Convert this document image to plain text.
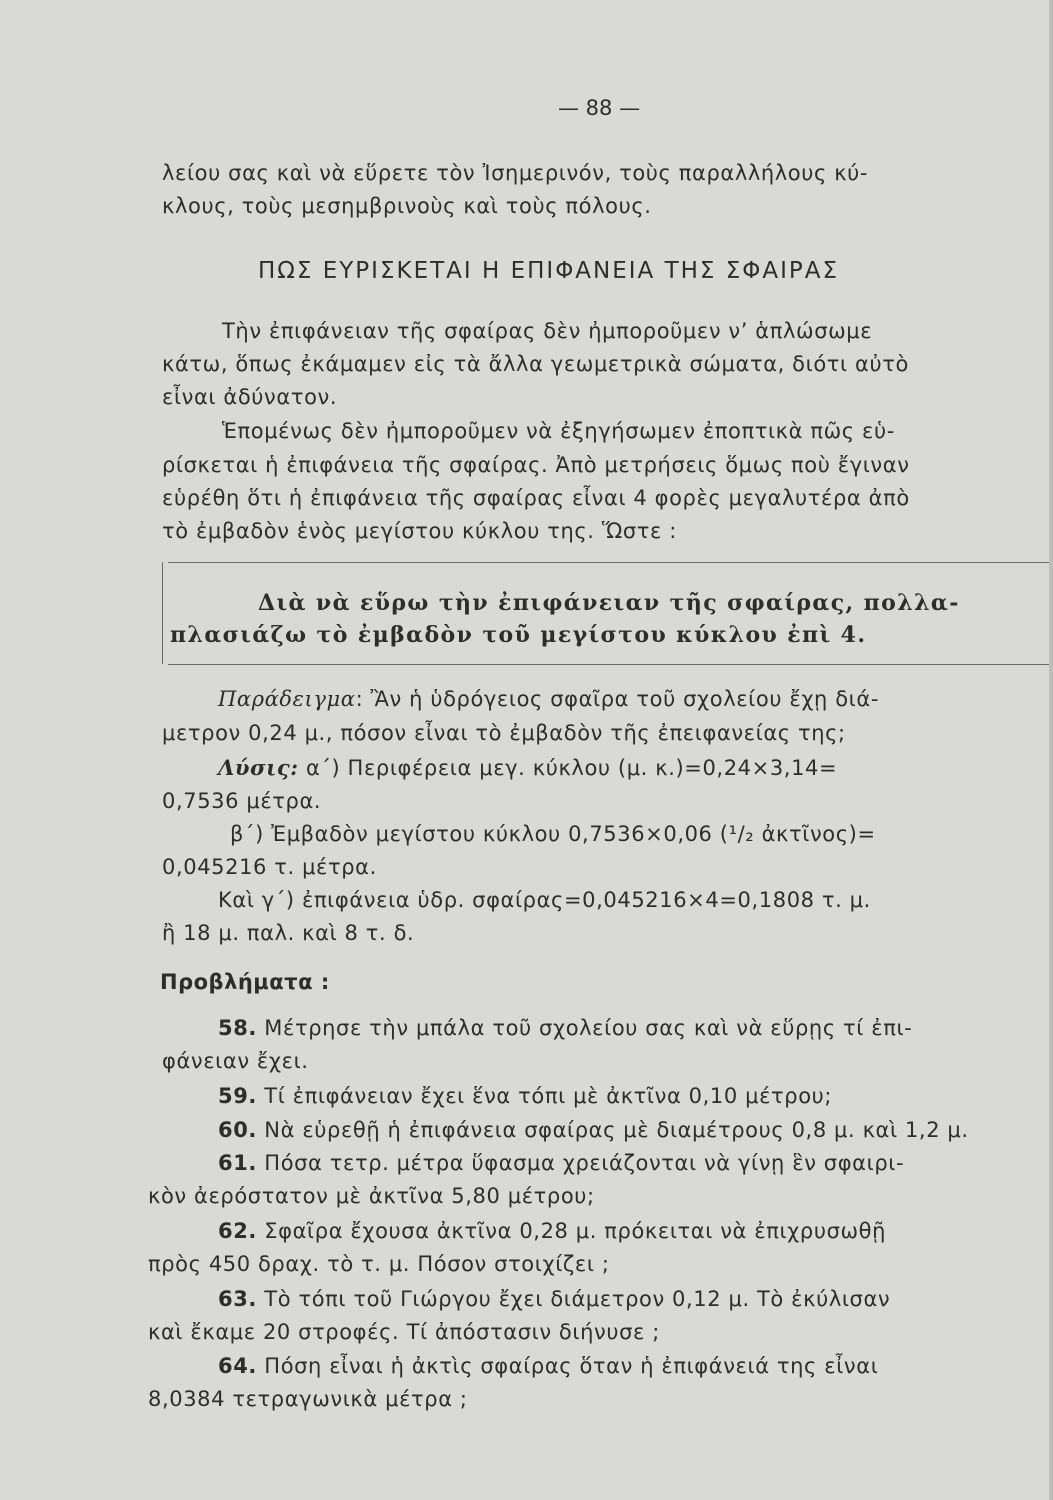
— 88 —
λείου σας καὶ νὰ εὕρετε τὸν Ἰσημερινόν, τοὺς παραλλήλους κύ-
κλους, τοὺς μεσημβρινοὺς καὶ τοὺς πόλους.
ΠΩΣ ΕΥΡΙΣΚΕΤΑΙ Η ΕΠΙΦΑΝΕΙΑ ΤΗΣ ΣΦΑΙΡΑΣ
Τὴν ἐπιφάνειαν τῆς σφαίρας δὲν ἠμποροῦμεν ν’ ἁπλώσωμε
κάτω, ὅπως ἐκάμαμεν εἰς τὰ ἄλλα γεωμετρικὰ σώματα, διότι αὐτὸ
εἶναι ἀδύνατον.
Ἑπομένως δὲν ἠμποροῦμεν νὰ ἐξηγήσωμεν ἐποπτικὰ πῶς εὑ-
ρίσκεται ἡ ἐπιφάνεια τῆς σφαίρας. Ἀπὸ μετρήσεις ὅμως ποὺ ἔγιναν
εὑρέθη ὅτι ἡ ἐπιφάνεια τῆς σφαίρας εἶναι 4 φορὲς μεγαλυτέρα ἀπὸ
τὸ ἐμβαδὸν ἑνὸς μεγίστου κύκλου της. Ὥστε :
Διὰ νὰ εὕρω τὴν ἐπιφάνειαν τῆς σφαίρας, πολλα-
πλασιάζω τὸ ἐμβαδὸν τοῦ μεγίστου κύκλου ἐπὶ 4.
Παράδειγμα: Ἂν ἡ ὑδρόγειος σφαῖρα τοῦ σχολείου ἔχῃ διά-
μετρον 0,24 μ., πόσον εἶναι τὸ ἐμβαδὸν τῆς ἐπειφανείας της;
Λύσις: α΄) Περιφέρεια μεγ. κύκλου (μ. κ.)=0,24×3,14=
0,7536 μέτρα.
β΄) Ἐμβαδὸν μεγίστου κύκλου 0,7536×0,06 (¹/₂ ἀκτῖνος)=
0,045216 τ. μέτρα.
Καὶ γ΄) ἐπιφάνεια ὑδρ. σφαίρας=0,045216×4=0,1808 τ. μ.
ἢ 18 μ. παλ. καὶ 8 τ. δ.
Προβλήματα :
58. Μέτρησε τὴν μπάλα τοῦ σχολείου σας καὶ νὰ εὕρῃς τί ἐπι-
φάνειαν ἔχει.
59. Τί ἐπιφάνειαν ἔχει ἕνα τόπι μὲ ἀκτῖνα 0,10 μέτρου;
60. Νὰ εὑρεθῇ ἡ ἐπιφάνεια σφαίρας μὲ διαμέτρους 0,8 μ. καὶ 1,2 μ.
61. Πόσα τετρ. μέτρα ὕφασμα χρειάζονται νὰ γίνῃ ἓν σφαιρι-
κὸν ἀερόστατον μὲ ἀκτῖνα 5,80 μέτρου;
62. Σφαῖρα ἔχουσα ἀκτῖνα 0,28 μ. πρόκειται νὰ ἐπιχρυσωθῇ
πρὸς 450 δραχ. τὸ τ. μ. Πόσον στοιχίζει ;
63. Τὸ τόπι τοῦ Γιώργου ἔχει διάμετρον 0,12 μ. Τὸ ἐκύλισαν
καὶ ἔκαμε 20 στροφές. Τί ἀπόστασιν διήνυσε ;
64. Πόση εἶναι ἡ ἀκτὶς σφαίρας ὅταν ἡ ἐπιφάνειά της εἶναι
8,0384 τετραγωνικὰ μέτρα ;
